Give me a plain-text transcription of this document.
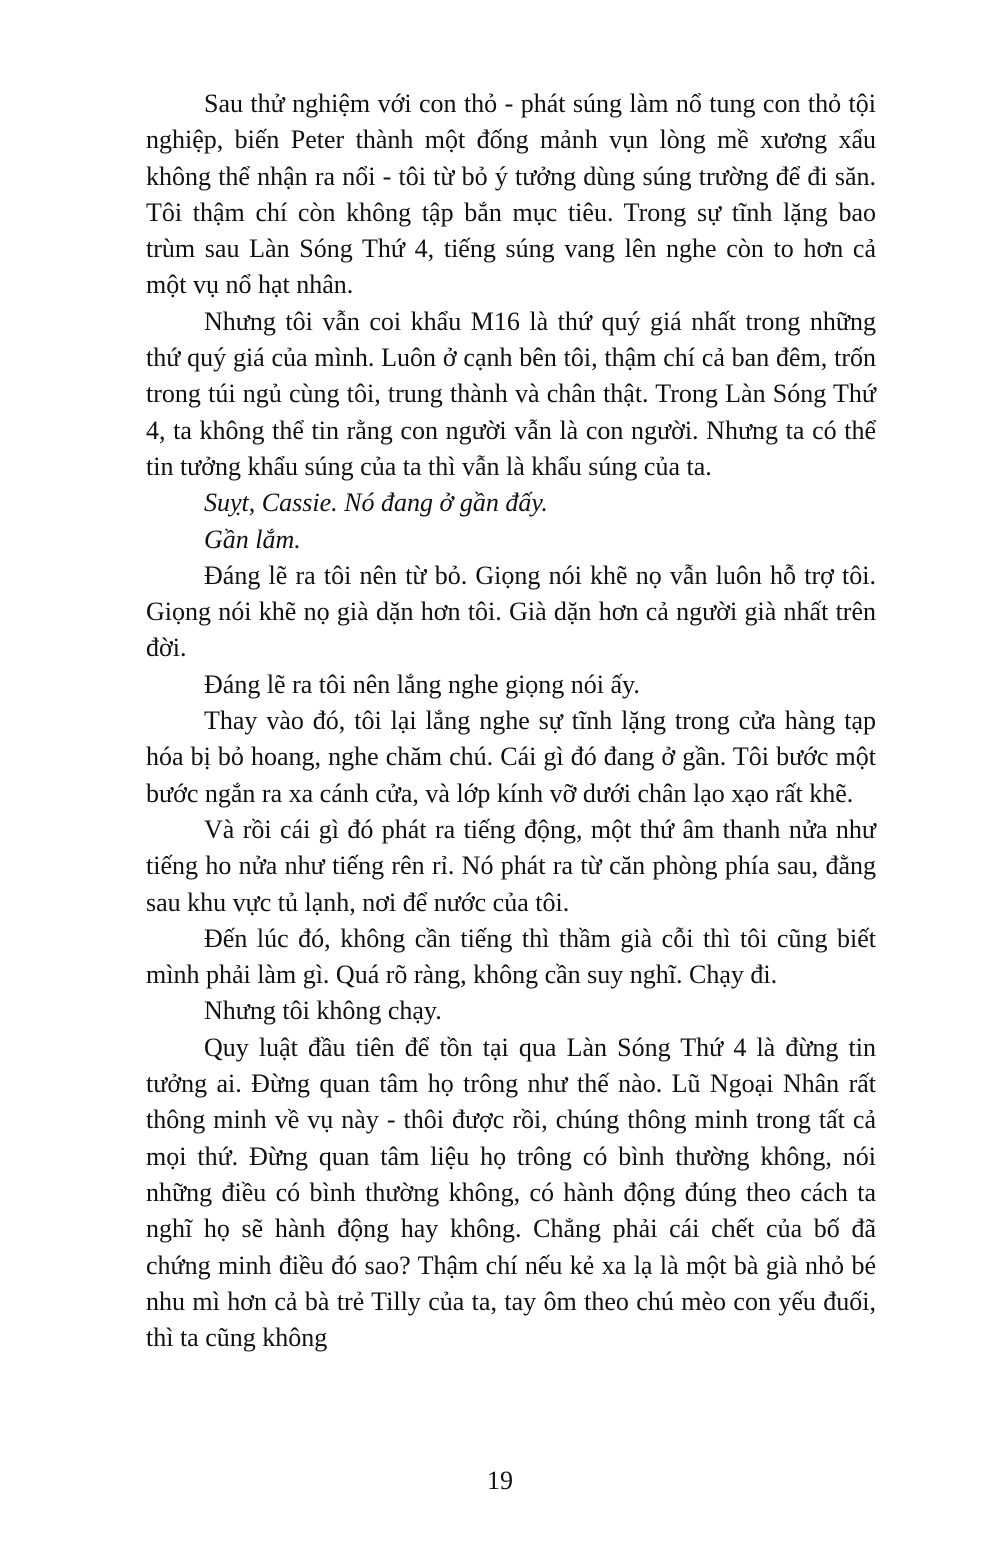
Sau thử nghiệm với con thỏ - phát súng làm nổ tung con thỏ tội nghiệp, biến Peter thành một đống mảnh vụn lòng mề xương xẩu không thể nhận ra nổi - tôi từ bỏ ý tưởng dùng súng trường để đi săn. Tôi thậm chí còn không tập bắn mục tiêu. Trong sự tĩnh lặng bao trùm sau Làn Sóng Thứ 4, tiếng súng vang lên nghe còn to hơn cả một vụ nổ hạt nhân.

Nhưng tôi vẫn coi khẩu M16 là thứ quý giá nhất trong những thứ quý giá của mình. Luôn ở cạnh bên tôi, thậm chí cả ban đêm, trốn trong túi ngủ cùng tôi, trung thành và chân thật. Trong Làn Sóng Thứ 4, ta không thể tin rằng con người vẫn là con người. Nhưng ta có thể tin tưởng khẩu súng của ta thì vẫn là khẩu súng của ta.

Suỵt, Cassie. Nó đang ở gần đấy.

Gần lắm.

Đáng lẽ ra tôi nên từ bỏ. Giọng nói khẽ nọ vẫn luôn hỗ trợ tôi. Giọng nói khẽ nọ già dặn hơn tôi. Già dặn hơn cả người già nhất trên đời.

Đáng lẽ ra tôi nên lắng nghe giọng nói ấy.

Thay vào đó, tôi lại lắng nghe sự tĩnh lặng trong cửa hàng tạp hóa bị bỏ hoang, nghe chăm chú. Cái gì đó đang ở gần. Tôi bước một bước ngắn ra xa cánh cửa, và lớp kính vỡ dưới chân lạo xạo rất khẽ.

Và rồi cái gì đó phát ra tiếng động, một thứ âm thanh nửa như tiếng ho nửa như tiếng rên rỉ. Nó phát ra từ căn phòng phía sau, đằng sau khu vực tủ lạnh, nơi để nước của tôi.

Đến lúc đó, không cần tiếng thì thầm già cỗi thì tôi cũng biết mình phải làm gì. Quá rõ ràng, không cần suy nghĩ. Chạy đi.

Nhưng tôi không chạy.

Quy luật đầu tiên để tồn tại qua Làn Sóng Thứ 4 là đừng tin tưởng ai. Đừng quan tâm họ trông như thế nào. Lũ Ngoại Nhân rất thông minh về vụ này - thôi được rồi, chúng thông minh trong tất cả mọi thứ. Đừng quan tâm liệu họ trông có bình thường không, nói những điều có bình thường không, có hành động đúng theo cách ta nghĩ họ sẽ hành động hay không. Chẳng phải cái chết của bố đã chứng minh điều đó sao? Thậm chí nếu kẻ xa lạ là một bà già nhỏ bé nhu mì hơn cả bà trẻ Tilly của ta, tay ôm theo chú mèo con yếu đuối, thì ta cũng không

19
